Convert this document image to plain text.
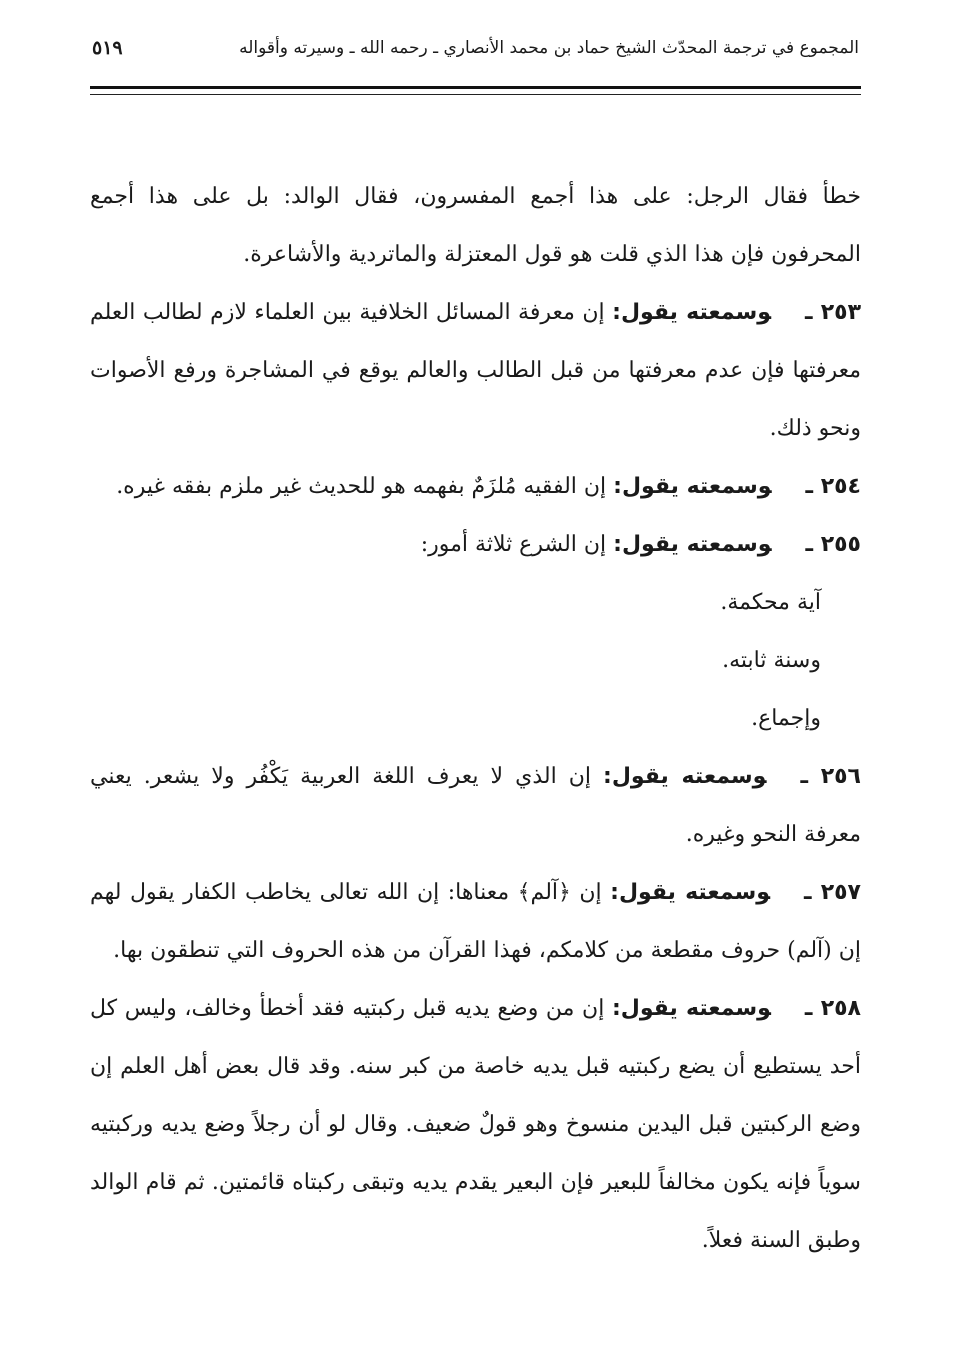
المجموع في ترجمة المحدّث الشيخ حماد بن محمد الأنصاري ـ رحمه الله ـ وسيرته وأقواله
٥١٩

خطأ فقال الرجل: على هذا أجمع المفسرون، فقال الوالد: بل على هذا أجمع المحرفون فإن هذا الذي قلت هو قول المعتزلة والماتردية والأشاعرة.

٢٥٣ ـوسمعته يقول: إن معرفة المسائل الخلافية بين العلماء لازم لطالب العلم معرفتها فإن عدم معرفتها من قبل الطالب والعالم يوقع في المشاجرة ورفع الأصوات ونحو ذلك.

٢٥٤ ـوسمعته يقول: إن الفقيه مُلزَمٌ بفهمه هو للحديث غير ملزم بفقه غيره.

٢٥٥ ـوسمعته يقول: إن الشرع ثلاثة أمور:

آية محكمة.

وسنة ثابته.

وإجماع.

٢٥٦ ـوسمعته يقول: إن الذي لا يعرف اللغة العربية يَكْفُر ولا يشعر. يعني معرفة النحو وغيره.

٢٥٧ ـوسمعته يقول: إن ﴿آلم﴾ معناها: إن الله تعالى يخاطب الكفار يقول لهم إن (آلم) حروف مقطعة من كلامكم، فهذا القرآن من هذه الحروف التي تنطقون بها.

٢٥٨ ـوسمعته يقول: إن من وضع يديه قبل ركبتيه فقد أخطأ وخالف، وليس كل أحد يستطيع أن يضع ركبتيه قبل يديه خاصة من كبر سنه. وقد قال بعض أهل العلم إن وضع الركبتين قبل اليدين منسوخ وهو قولٌ ضعيف. وقال لو أن رجلاً وضع يديه وركبتيه سوياً فإنه يكون مخالفاً للبعير فإن البعير يقدم يديه وتبقى ركبتاه قائمتين. ثم قام الوالد وطبق السنة فعلاً.
